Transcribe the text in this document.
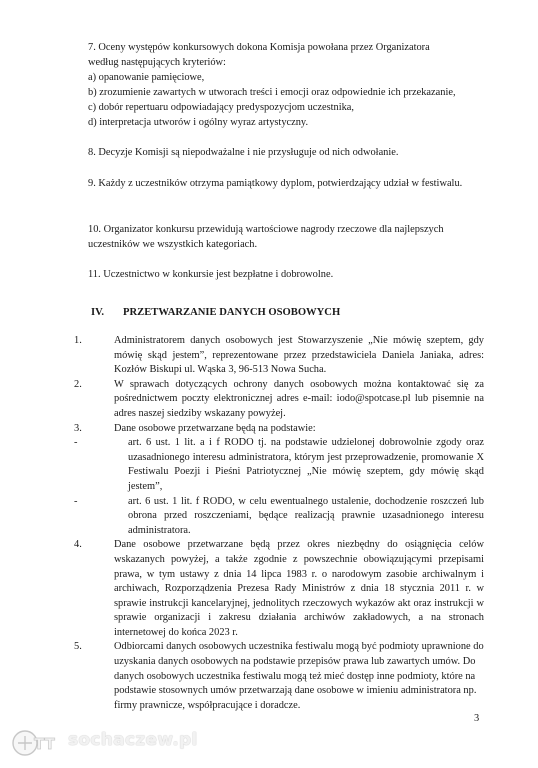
7. Oceny występów konkursowych dokona Komisja powołana przez Organizatora

według następujących kryteriów:

a) opanowanie pamięciowe,

b) zrozumienie zawartych w utworach treści i emocji oraz odpowiednie ich przekazanie,

c) dobór repertuaru odpowiadający predyspozycjom uczestnika,

d) interpretacja utworów i ogólny wyraz artystyczny.

8. Decyzje Komisji są niepodważalne i nie przysługuje od nich odwołanie.

9. Każdy z uczestników otrzyma pamiątkowy dyplom, potwierdzający udział w festiwalu.

10. Organizator konkursu przewidują wartościowe nagrody rzeczowe dla najlepszych uczestników we wszystkich kategoriach.

11. Uczestnictwo w konkursie jest bezpłatne i dobrowolne.

IV. PRZETWARZANIE DANYCH OSOBOWYCH
1.	Administratorem danych osobowych jest Stowarzyszenie „Nie mówię szeptem, gdy mówię skąd jestem”, reprezentowane przez przedstawiciela Daniela Janiaka, adres: Kozłów Biskupi ul. Wąska 3, 96-513 Nowa Sucha.
2.	W sprawach dotyczących ochrony danych osobowych można kontaktować się za pośrednictwem poczty elektronicznej adres e-mail: iodo@spotcase.pl lub pisemnie na adres naszej siedziby wskazany powyżej.
3.	Dane osobowe przetwarzane będą na podstawie:
-	art. 6 ust. 1 lit. a i f RODO tj. na podstawie udzielonej dobrowolnie zgody oraz uzasadnionego interesu administratora, którym jest przeprowadzenie, promowanie X Festiwalu Poezji i Pieśni Patriotycznej „Nie mówię szeptem, gdy mówię skąd jestem”,
-	art. 6 ust. 1 lit. f RODO, w celu ewentualnego ustalenie, dochodzenie roszczeń lub obrona przed roszczeniami, będące realizacją prawnie uzasadnionego interesu administratora.
4.	Dane osobowe przetwarzane będą przez okres niezbędny do osiągnięcia celów wskazanych powyżej, a także zgodnie z powszechnie obowiązującymi przepisami prawa, w tym ustawy z dnia 14 lipca 1983 r. o narodowym zasobie archiwalnym i archiwach, Rozporządzenia Prezesa Rady Ministrów z dnia 18 stycznia 2011 r. w sprawie instrukcji kancelaryjnej, jednolitych rzeczowych wykazów akt oraz instrukcji w sprawie organizacji i zakresu działania archiwów zakładowych, a na stronach internetowej do końca 2023 r.
5.	Odbiorcami danych osobowych uczestnika festiwalu mogą być podmioty uprawnione do uzyskania danych osobowych na podstawie przepisów prawa lub zawartych umów. Do danych osobowych uczestnika festiwalu mogą też mieć dostęp inne podmioty, które na podstawie stosownych umów przetwarzają dane osobowe w imieniu administratora np. firmy prawnicze, współpracujące i doradcze.

3

TT sochaczew.pl
